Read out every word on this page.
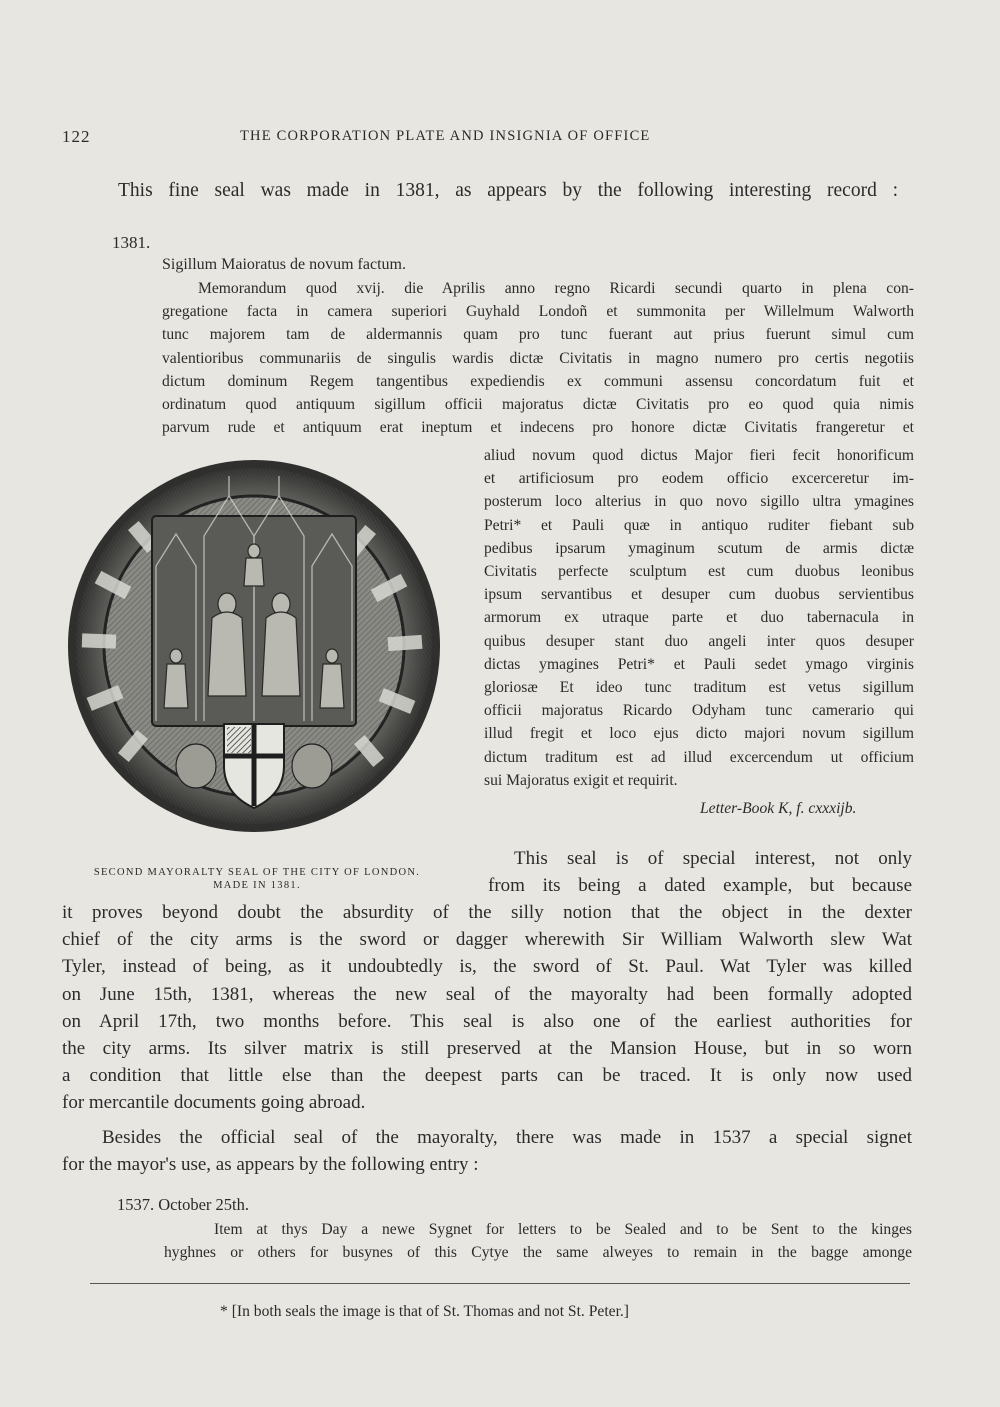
122	THE CORPORATION PLATE AND INSIGNIA OF OFFICE
This fine seal was made in 1381, as appears by the following interesting record :
1381.
Sigillum Maioratus de novum factum.
Memorandum quod xvij. die Aprilis anno regno Ricardi secundi quarto in plena con-
gregatione facta in camera superiori Guyhald Londoñ et summonita per Willelmum Walworth
tunc majorem tam de aldermannis quam pro tunc fuerant aut prius fuerunt simul cum
valentioribus communariis de singulis wardis dictæ Civitatis in magno numero pro certis negotiis
dictum dominum Regem tangentibus expediendis ex communi assensu concordatum fuit et
ordinatum quod antiquum sigillum officii majoratus dictæ Civitatis pro eo quod quia nimis
parvum rude et antiquum erat ineptum et indecens pro honore dictæ Civitatis frangeretur et
aliud novum quod dictus Major fieri fecit honorificum
et artificiosum pro eodem officio excerceretur im-
posterum loco alterius in quo novo sigillo ultra ymagines
Petri* et Pauli quæ in antiquo ruditer fiebant sub
pedibus ipsarum ymaginum scutum de armis dictæ
Civitatis perfecte sculptum est cum duobus leonibus
ipsum servantibus et desuper cum duobus servientibus
armorum ex utraque parte et duo tabernacula in
quibus desuper stant duo angeli inter quos desuper
dictas ymagines Petri* et Pauli sedet ymago virginis
gloriosæ Et ideo tunc traditum est vetus sigillum
officii majoratus Ricardo Odyham tunc camerario qui
illud fregit et loco ejus dicto majori novum sigillum
dictum traditum est ad illud excercendum ut officium
sui Majoratus exigit et requirit.
Letter-Book K, f. cxxxijb.
SECOND MAYORALTY SEAL OF THE CITY OF LONDON.
MADE IN 1381.
This seal is of special interest, not only
from its being a dated example, but because
it proves beyond doubt the absurdity of the silly notion that the object in the dexter
chief of the city arms is the sword or dagger wherewith Sir William Walworth slew Wat
Tyler, instead of being, as it undoubtedly is, the sword of St. Paul. Wat Tyler was killed
on June 15th, 1381, whereas the new seal of the mayoralty had been formally adopted
on April 17th, two months before. This seal is also one of the earliest authorities for
the city arms. Its silver matrix is still preserved at the Mansion House, but in so worn
a condition that little else than the deepest parts can be traced. It is only now used
for mercantile documents going abroad.
Besides the official seal of the mayoralty, there was made in 1537 a special signet
for the mayor's use, as appears by the following entry :
1537. October 25th.
Item at thys Day a newe Sygnet for letters to be Sealed and to be Sent to the kinges
hyghnes or others for busynes of this Cytye the same alweyes to remain in the bagge amonge
* [In both seals the image is that of St. Thomas and not St. Peter.]
